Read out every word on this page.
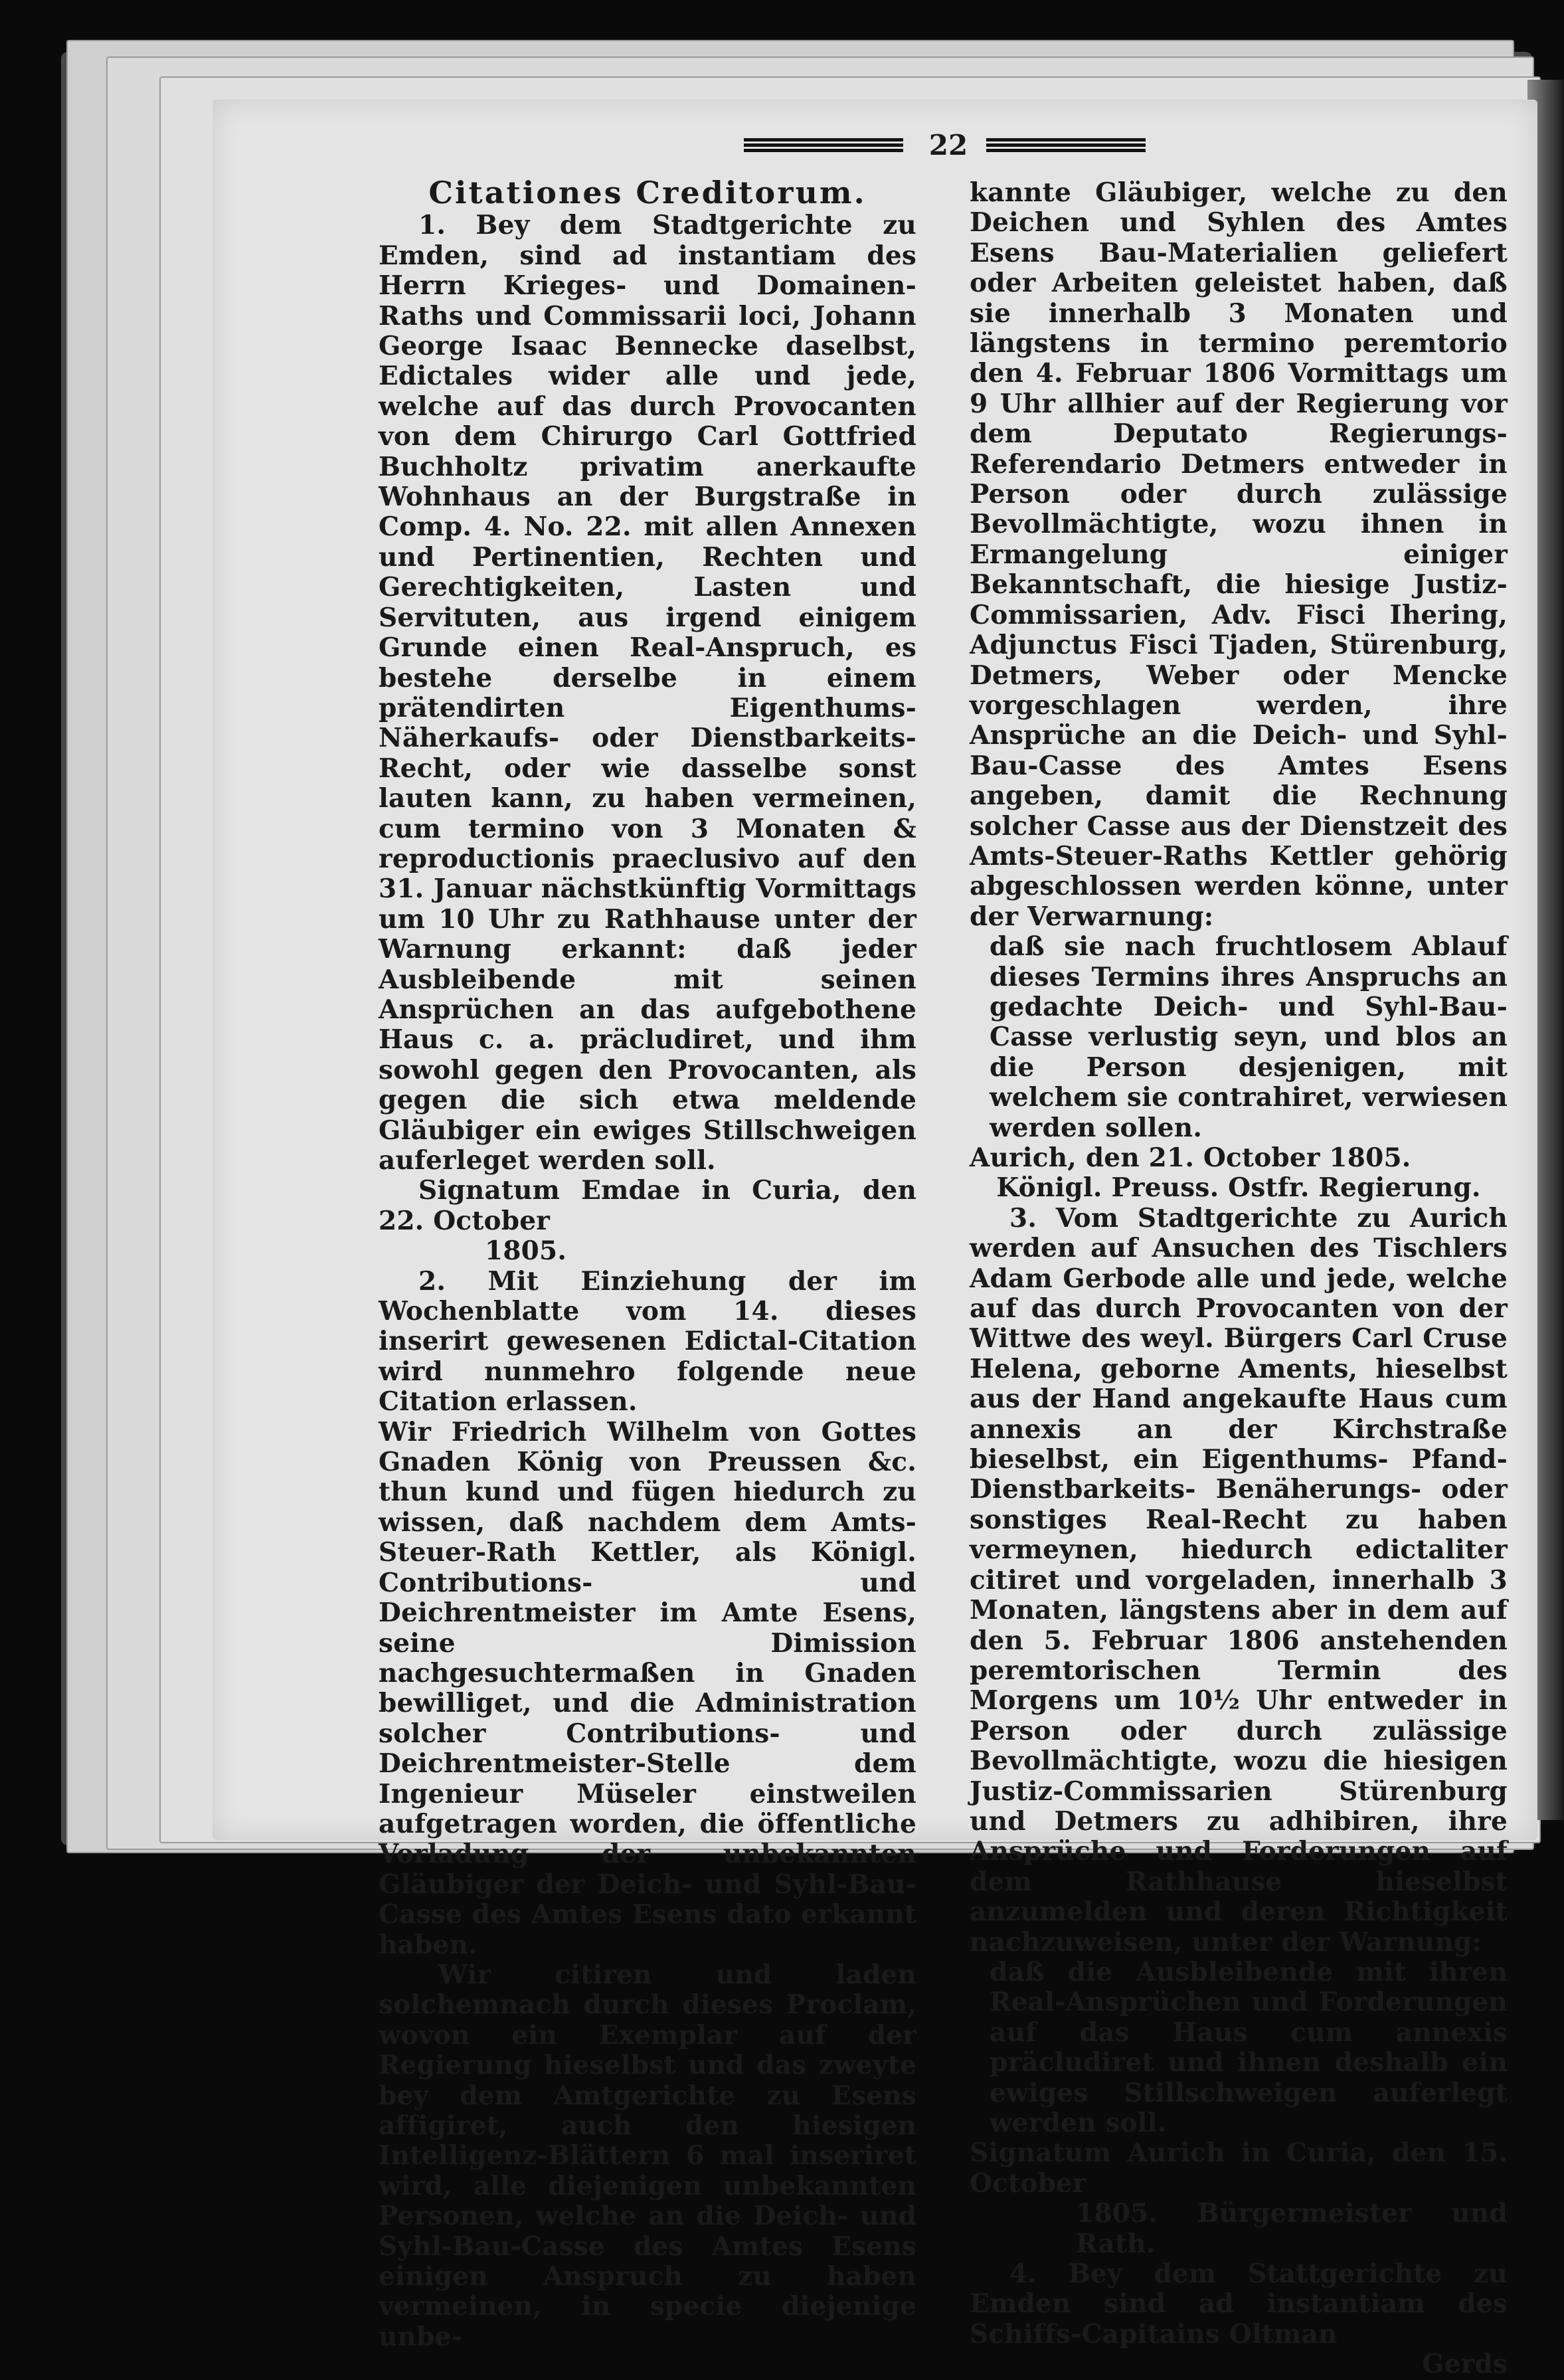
22

Citationes Creditorum.

1. Bey dem Stadtgerichte zu Emden, sind ad instantiam des Herrn Krieges- und Domainen-Raths und Commissarii loci, Johann George Isaac Bennecke daselbst, Edictales wider alle und jede, welche auf das durch Provocanten von dem Chirurgo Carl Gottfried Buchholtz privatim anerkaufte Wohnhaus an der Burgstraße in Comp. 4. No. 22. mit allen Annexen und Pertinentien, Rechten und Gerechtigkeiten, Lasten und Servituten, aus irgend einigem Grunde einen Real-Anspruch, es bestehe derselbe in einem prätendirten Eigenthums-Näherkaufs- oder Dienstbarkeits-Recht, oder wie dasselbe sonst lauten kann, zu haben vermeinen, cum termino von 3 Monaten & reproductionis praeclusivo auf den 31. Januar nächstkünftig Vormittags um 10 Uhr zu Rathhause unter der Warnung erkannt: daß jeder Ausbleibende mit seinen Ansprüchen an das aufgebothene Haus c. a. präcludiret, und ihm sowohl gegen den Provocanten, als gegen die sich etwa meldende Gläubiger ein ewiges Stillschweigen auferleget werden soll.

Signatum Emdae in Curia, den 22. October

1805.

2. Mit Einziehung der im Wochenblatte vom 14. dieses inserirt gewesenen Edictal-Citation wird nunmehro folgende neue Citation erlassen.

Wir Friedrich Wilhelm von Gottes Gnaden König von Preussen &c. thun kund und fügen hiedurch zu wissen, daß nachdem dem Amts-Steuer-Rath Kettler, als Königl. Contributions- und Deichrentmeister im Amte Esens, seine Dimission nachgesuchtermaßen in Gnaden bewilliget, und die Administration solcher Contributions- und Deichrentmeister-Stelle dem Ingenieur Müseler einstweilen aufgetragen worden, die öffentliche Vorladung der unbekannten Gläubiger der Deich- und Syhl-Bau-Casse des Amtes Esens dato erkannt haben.

Wir citiren und laden solchemnach durch dieses Proclam, wovon ein Exemplar auf der Regierung hieselbst und das zweyte bey dem Amtgerichte zu Esens affigiret, auch den hiesigen Intelligenz-Blättern 6 mal inseriret wird, alle diejenigen unbekannten Personen, welche an die Deich- und Syhl-Bau-Casse des Amtes Esens einigen Anspruch zu haben vermeinen, in specie diejenige unbe-

kannte Gläubiger, welche zu den Deichen und Syhlen des Amtes Esens Bau-Materialien geliefert oder Arbeiten geleistet haben, daß sie innerhalb 3 Monaten und längstens in termino peremtorio den 4. Februar 1806 Vormittags um 9 Uhr allhier auf der Regierung vor dem Deputato Regierungs-Referendario Detmers entweder in Person oder durch zulässige Bevollmächtigte, wozu ihnen in Ermangelung einiger Bekanntschaft, die hiesige Justiz-Commissarien, Adv. Fisci Ihering, Adjunctus Fisci Tjaden, Stürenburg, Detmers, Weber oder Mencke vorgeschlagen werden, ihre Ansprüche an die Deich- und Syhl-Bau-Casse des Amtes Esens angeben, damit die Rechnung solcher Casse aus der Dienstzeit des Amts-Steuer-Raths Kettler gehörig abgeschlossen werden könne, unter der Verwarnung:

daß sie nach fruchtlosem Ablauf dieses Termins ihres Anspruchs an gedachte Deich- und Syhl-Bau-Casse verlustig seyn, und blos an die Person desjenigen, mit welchem sie contrahiret, verwiesen werden sollen.

Aurich, den 21. October 1805.

Königl. Preuss. Ostfr. Regierung.

3. Vom Stadtgerichte zu Aurich werden auf Ansuchen des Tischlers Adam Gerbode alle und jede, welche auf das durch Provocanten von der Wittwe des weyl. Bürgers Carl Cruse Helena, geborne Aments, hieselbst aus der Hand angekaufte Haus cum annexis an der Kirchstraße bieselbst, ein Eigenthums- Pfand- Dienstbarkeits- Benäherungs- oder sonstiges Real-Recht zu haben vermeynen, hiedurch edictaliter citiret und vorgeladen, innerhalb 3 Monaten, längstens aber in dem auf den 5. Februar 1806 anstehenden peremtorischen Termin des Morgens um 10½ Uhr entweder in Person oder durch zulässige Bevollmächtigte, wozu die hiesigen Justiz-Commissarien Stürenburg und Detmers zu adhibiren, ihre Ansprüche und Forderungen auf dem Rathhause hieselbst anzumelden und deren Richtigkeit nachzuweisen, unter der Warnung:

daß die Ausbleibende mit ihren Real-Ansprüchen und Forderungen auf das Haus cum annexis präcludiret und ihnen deshalb ein ewiges Stillschweigen auferlegt werden soll.

Signatum Aurich in Curia, den 15. October

1805. Bürgermeister und Rath.

4. Bey dem Stattgerichte zu Emden sind ad instantiam des Schiffs-Capitains Oltman

Gerds
